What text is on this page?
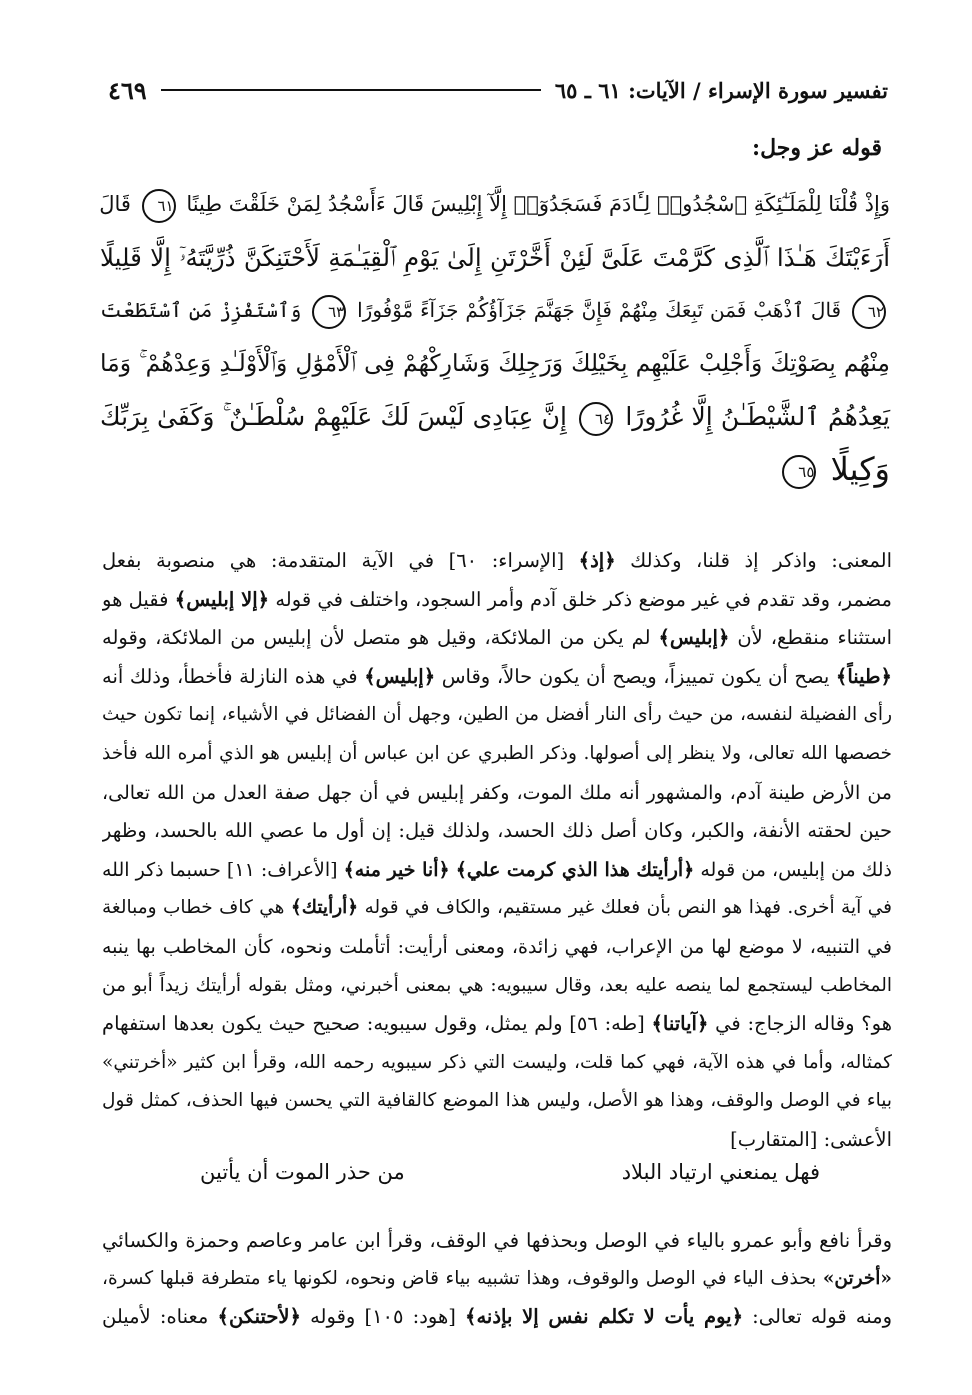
تفسير سورة الإسراء / الآيات: ٦١ ـ ٦٥
٤٦٩
قوله عز وجل:
وَإِذْ قُلْنَا لِلْمَلَـٰٓئِكَةِ ٱسْجُدُوا۟ لِـَٔادَمَ فَسَجَدُوٓا۟ إِلَّآ إِبْلِيسَ قَالَ ءَأَسْجُدُ لِمَنْ خَلَقْتَ طِينًا ٦١ قَالَ
أَرَءَيْتَكَ هَـٰذَا ٱلَّذِى كَرَّمْتَ عَلَىَّ لَئِنْ أَخَّرْتَنِ إِلَىٰ يَوْمِ ٱلْقِيَـٰمَةِ لَأَحْتَنِكَنَّ ذُرِّيَّتَهُۥٓ إِلَّا قَلِيلًا
٦٢ قَالَ ٱذْهَبْ فَمَن تَبِعَكَ مِنْهُمْ فَإِنَّ جَهَنَّمَ جَزَآؤُكُمْ جَزَآءً مَّوْفُورًا ٦٣ وَٱسْتَفْزِزْ مَنِ ٱسْتَطَعْتَ
مِنْهُم بِصَوْتِكَ وَأَجْلِبْ عَلَيْهِم بِخَيْلِكَ وَرَجِلِكَ وَشَارِكْهُمْ فِى ٱلْأَمْوَٰلِ وَٱلْأَوْلَـٰدِ وَعِدْهُمْ ۚ وَمَا
يَعِدُهُمُ ٱلشَّيْطَـٰنُ إِلَّا غُرُورًا ٦٤ إِنَّ عِبَادِى لَيْسَ لَكَ عَلَيْهِمْ سُلْطَـٰنٌ ۚ وَكَفَىٰ بِرَبِّكَ
وَكِيلًا ٦٥
المعنى: واذكر إذ قلنا، وكذلك ﴿إذ﴾ [الإسراء: ٦٠] في الآية المتقدمة: هي منصوبة بفعل
مضمر، وقد تقدم في غير موضع ذكر خلق آدم وأمر السجود، واختلف في قوله ﴿إلا إبليس﴾ فقيل هو
استثناء منقطع، لأن ﴿إبليس﴾ لم يكن من الملائكة، وقيل هو متصل لأن إبليس من الملائكة، وقوله
﴿طيناً﴾ يصح أن يكون تمييزاً، ويصح أن يكون حالاً، وقاس ﴿إبليس﴾ في هذه النازلة فأخطأ، وذلك أنه
رأى الفضيلة لنفسه، من حيث رأى النار أفضل من الطين، وجهل أن الفضائل في الأشياء، إنما تكون حيث
خصصها الله تعالى، ولا ينظر إلى أصولها. وذكر الطبري عن ابن عباس أن إبليس هو الذي أمره الله فأخذ
من الأرض طينة آدم، والمشهور أنه ملك الموت، وكفر إبليس في أن جهل صفة العدل من الله تعالى،
حين لحقته الأنفة، والكبر، وكان أصل ذلك الحسد، ولذلك قيل: إن أول ما عصي الله بالحسد، وظهر
ذلك من إبليس، من قوله ﴿أرأيتك هذا الذي كرمت علي﴾ ﴿أنا خير منه﴾ [الأعراف: ١١] حسبما ذكر الله
في آية أخرى. فهذا هو النص بأن فعلك غير مستقيم، والكاف في قوله ﴿أرأيتك﴾ هي كاف خطاب ومبالغة
في التنبيه، لا موضع لها من الإعراب، فهي زائدة، ومعنى أرأيت: أتأملت ونحوه، كأن المخاطب بها ينبه
المخاطب ليستجمع لما ينصه عليه بعد، وقال سيبويه: هي بمعنى أخبرني، ومثل بقوله أرأيتك زيداً أبو من
هو؟ وقاله الزجاج: في ﴿آياتنا﴾ [طه: ٥٦] ولم يمثل، وقول سيبويه: صحيح حيث يكون بعدها استفهام
كمثاله، وأما في هذه الآية، فهي كما قلت، وليست التي ذكر سيبويه رحمه الله، وقرأ ابن كثير «أخرتني»
بياء في الوصل والوقف، وهذا هو الأصل، وليس هذا الموضع كالقافية التي يحسن فيها الحذف، كمثل قول
الأعشى: [المتقارب]
فهل يمنعني ارتياد البلاد
من حذر الموت أن يأتين
وقرأ نافع وأبو عمرو بالياء في الوصل وبحذفها في الوقف، وقرأ ابن عامر وعاصم وحمزة والكسائي
«أخرتن» بحذف الياء في الوصل والوقوف، وهذا تشبيه بياء قاض ونحوه، لكونها ياء متطرفة قبلها كسرة،
ومنه قوله تعالى: ﴿يوم يأت لا تكلم نفس إلا بإذنه﴾ [هود: ١٠٥] وقوله ﴿لأحتنكن﴾ معناه: لأميلن
